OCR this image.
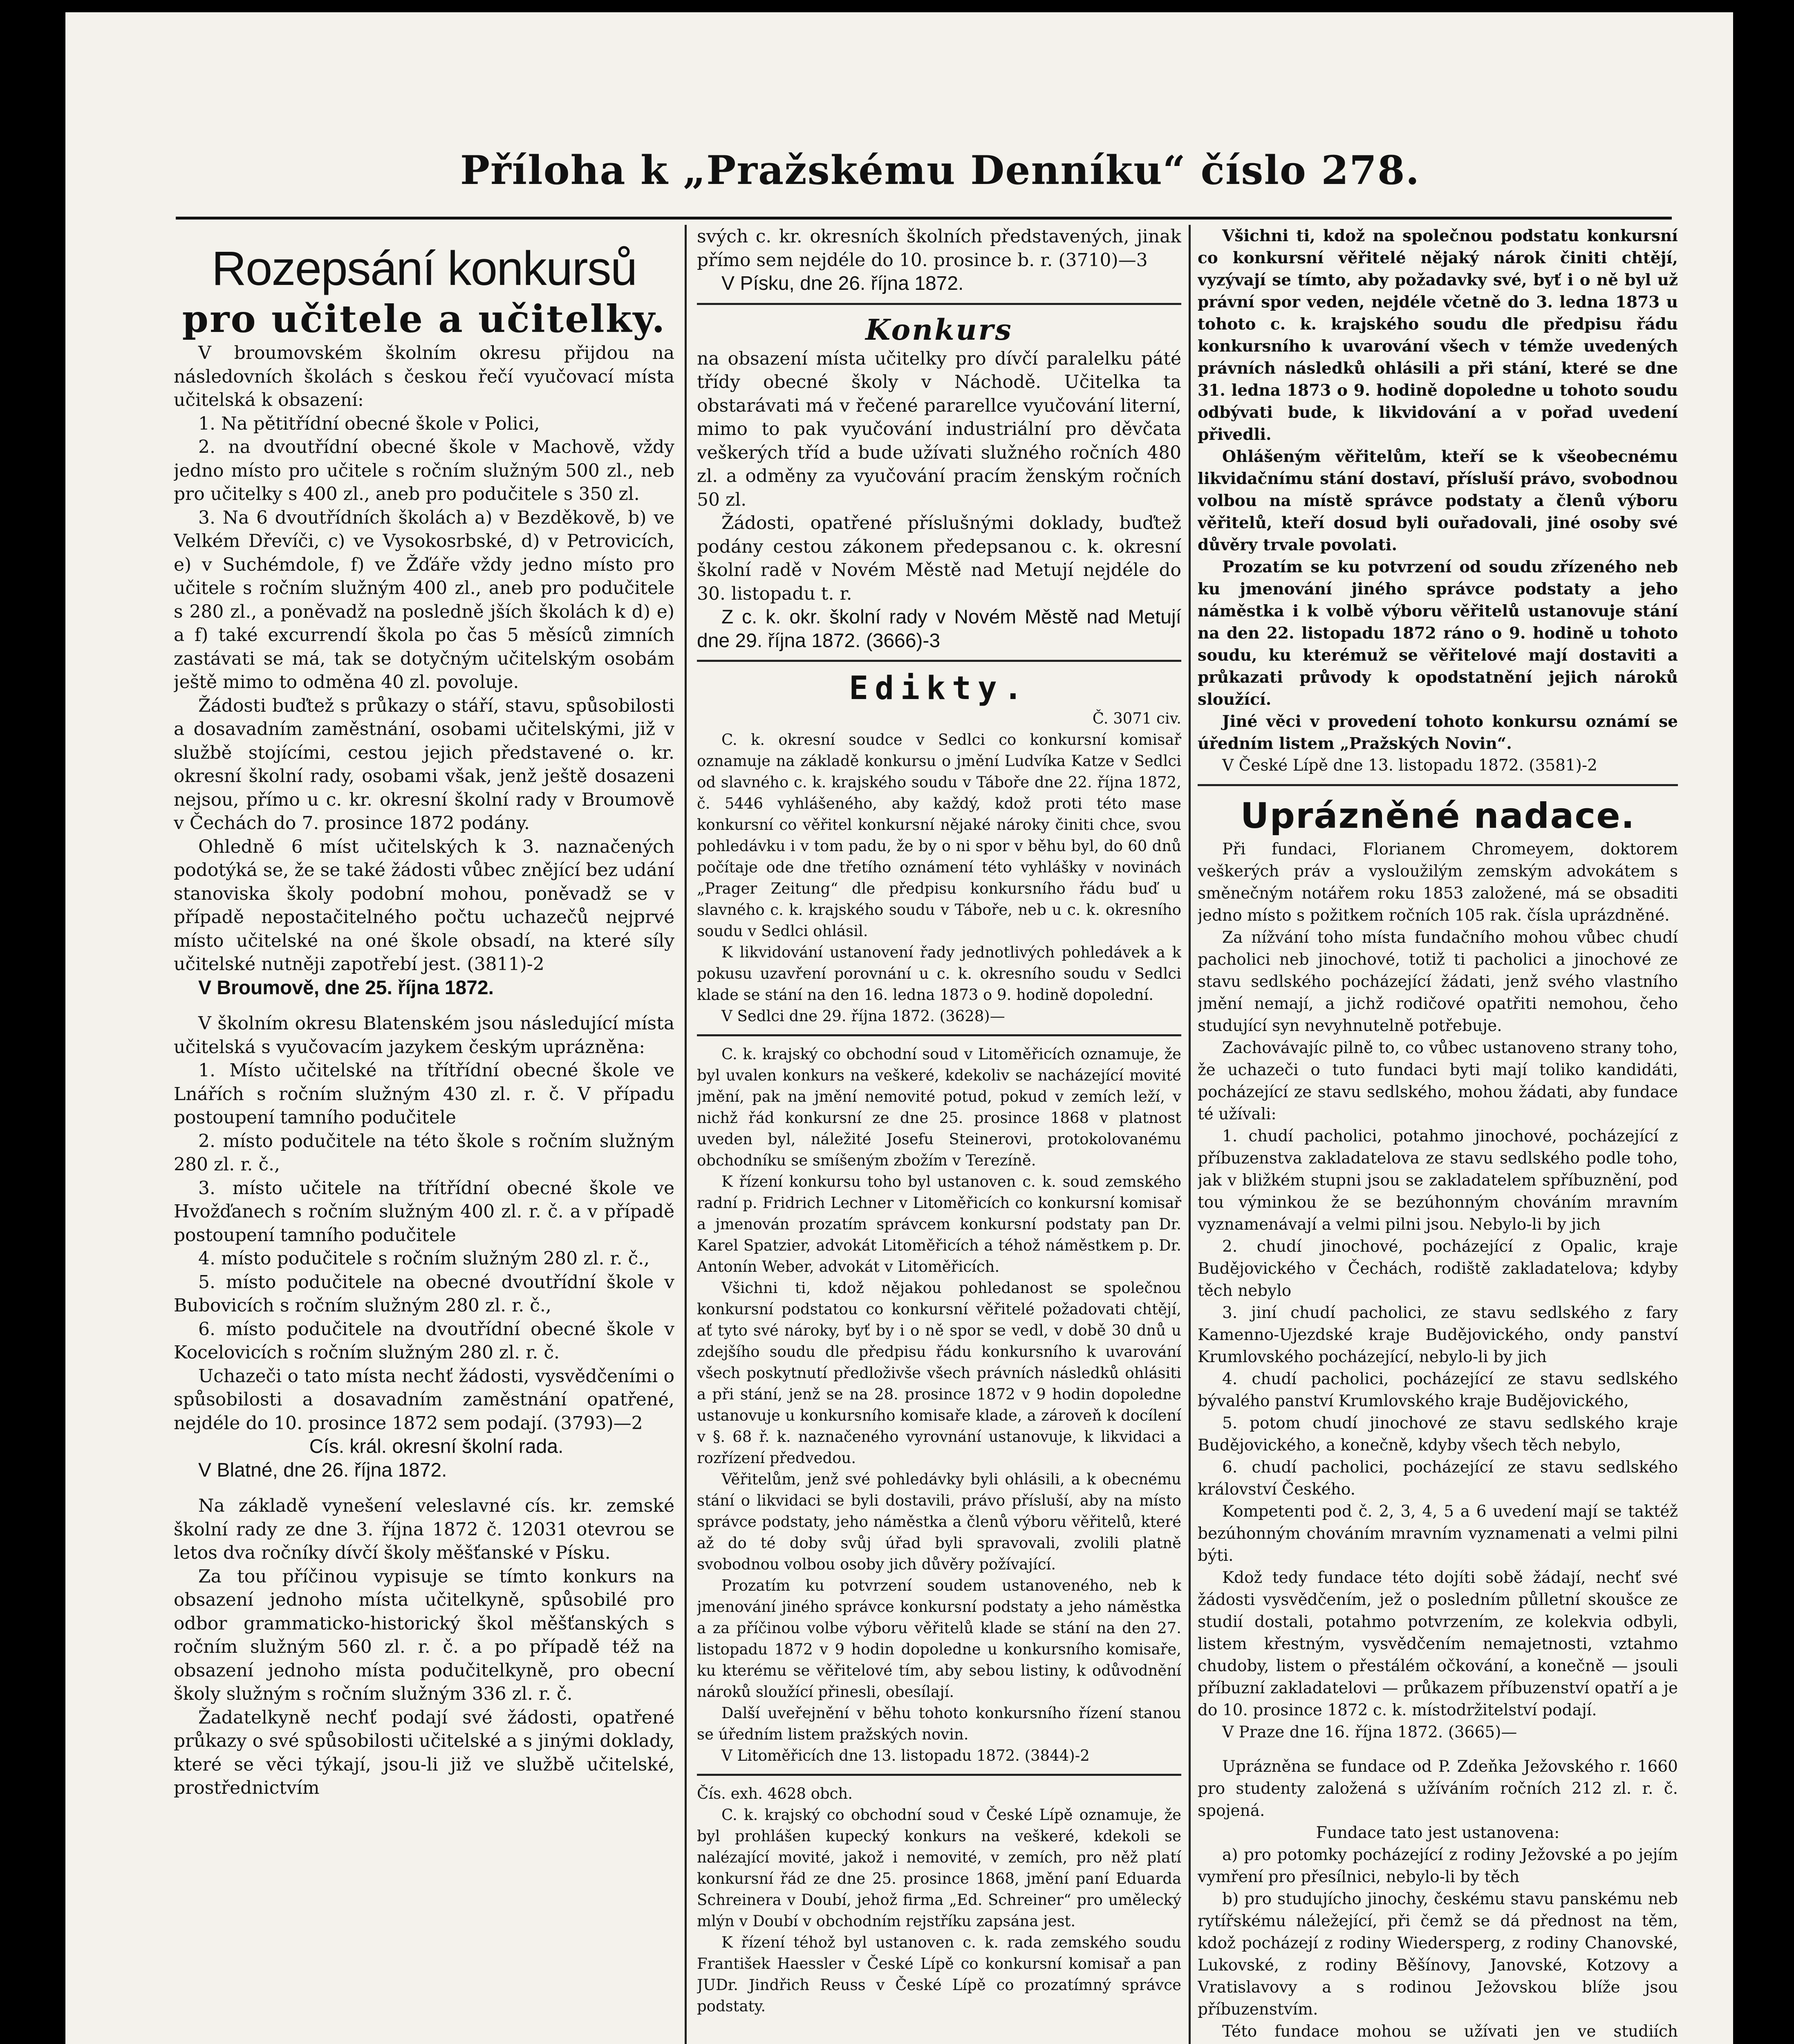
Příloha k „Pražskému Denníku“ číslo 278.

Rozepsání konkursů

pro učitele a učitelky.

V broumovském školním okresu přijdou na následovních školách s českou řečí vyučovací místa učitelská k obsazení:

1. Na pětitřídní obecné škole v Polici,

2. na dvoutřídní obecné škole v Machově, vždy jedno místo pro učitele s ročním služným 500 zl., neb pro učitelky s 400 zl., aneb pro podučitele s 350 zl.

3. Na 6 dvoutřídních školách a) v Bezděkově, b) ve Velkém Dřevíči, c) ve Vysokosrbské, d) v Petrovicích, e) v Suchémdole, f) ve Žďáře vždy jedno místo pro učitele s ročním služným 400 zl., aneb pro podučitele s 280 zl., a poněvadž na posledně jších školách k d) e) a f) také excurrendí škola po čas 5 měsíců zimních zastávati se má, tak se dotyčným učitelským osobám ještě mimo to odměna 40 zl. povoluje.

Žádosti buďtež s průkazy o stáří, stavu, spůsobilosti a dosavadním zaměstnání, osobami učitelskými, již v službě stojícími, cestou jejich představené o. kr. okresní školní rady, osobami však, jenž ještě dosazeni nejsou, přímo u c. kr. okresní školní rady v Broumově v Čechách do 7. prosince 1872 podány.

Ohledně 6 míst učitelských k 3. naznačených podotýká se, že se také žádosti vůbec znějící bez udání stanoviska školy podobní mohou, poněvadž se v případě nepostačitelného počtu uchazečů nejprvé místo učitelské na oné škole obsadí, na které síly učitelské nutněji zapotřebí jest. (3811)-2

V Broumově, dne 25. října 1872.

V školním okresu Blatenském jsou následující místa učitelská s vyučovacím jazykem českým uprázněna:

1. Místo učitelské na třítřídní obecné škole ve Lnářích s ročním služným 430 zl. r. č. V případu postoupení tamního podučitele

2. místo podučitele na této škole s ročním služným 280 zl. r. č.,

3. místo učitele na třítřídní obecné škole ve Hvožďanech s ročním služným 400 zl. r. č. a v případě postoupení tamního podučitele

4. místo podučitele s ročním služným 280 zl. r. č.,

5. místo podučitele na obecné dvoutřídní škole v Bubovicích s ročním služným 280 zl. r. č.,

6. místo podučitele na dvoutřídní obecné škole v Kocelovicích s ročním služným 280 zl. r. č.

Uchazeči o tato místa nechť žádosti, vysvědčeními o spůsobilosti a dosavadním zaměstnání opatřené, nejdéle do 10. prosince 1872 sem podají. (3793)—2

Cís. král. okresní školní rada.

V Blatné, dne 26. října 1872.

Na základě vynešení veleslavné cís. kr. zemské školní rady ze dne 3. října 1872 č. 12031 otevrou se letos dva ročníky dívčí školy měšťanské v Písku.

Za tou příčinou vypisuje se tímto konkurs na obsazení jednoho místa učitelkyně, spůsobilé pro odbor grammaticko-historický škol měšťanských s ročním služným 560 zl. r. č. a po případě též na obsazení jednoho místa podučitelkyně, pro obecní školy služným s ročním služným 336 zl. r. č.

Žadatelkyně nechť podají své žádosti, opatřené průkazy o své spůsobilosti učitelské a s jinými doklady, které se věci týkají, jsou-li již ve službě učitelské, prostřednictvím

svých c. kr. okresních školních představených, jinak přímo sem nejdéle do 10. prosince b. r. (3710)—3

V Písku, dne 26. října 1872.

Konkurs

na obsazení místa učitelky pro dívčí paralelku páté třídy obecné školy v Náchodě. Učitelka ta obstarávati má v řečené pararellce vyučování literní, mimo to pak vyučování industriální pro děvčata veškerých tříd a bude užívati služného ročních 480 zl. a odměny za vyučování pracím ženským ročních 50 zl.

Žádosti, opatřené příslušnými doklady, buďtež podány cestou zákonem předepsanou c. k. okresní školní radě v Novém Městě nad Metují nejdéle do 30. listopadu t. r.

Z c. k. okr. školní rady v Novém Městě nad Metují dne 29. října 1872. (3666)-3

Edikty.

Č. 3071 civ.

C. k. okresní soudce v Sedlci co konkursní komisař oznamuje na základě konkursu o jmění Ludvíka Katze v Sedlci od slavného c. k. krajského soudu v Táboře dne 22. října 1872, č. 5446 vyhlášeného, aby každý, kdož proti této mase konkursní co věřitel konkursní nějaké nároky činiti chce, svou pohledávku i v tom padu, že by o ni spor v běhu byl, do 60 dnů počítaje ode dne třetího oznámení této vyhlášky v novinách „Prager Zeitung“ dle předpisu konkursního řádu buď u slavného c. k. krajského soudu v Táboře, neb u c. k. okresního soudu v Sedlci ohlásil.

K likvidování ustanovení řady jednotlivých pohledávek a k pokusu uzavření porovnání u c. k. okresního soudu v Sedlci klade se stání na den 16. ledna 1873 o 9. hodině dopolední.

V Sedlci dne 29. října 1872. (3628)—

C. k. krajský co obchodní soud v Litoměřicích oznamuje, že byl uvalen konkurs na veškeré, kdekoliv se nacházející movité jmění, pak na jmění nemovité potud, pokud v zemích leží, v nichž řád konkursní ze dne 25. prosince 1868 v platnost uveden byl, náležité Josefu Steinerovi, protokolovanému obchodníku se smíšeným zbožím v Terezíně.

K řízení konkursu toho byl ustanoven c. k. soud zemského radní p. Fridrich Lechner v Litoměřicích co konkursní komisař a jmenován prozatím správcem konkursní podstaty pan Dr. Karel Spatzier, advokát Litoměřicích a téhož náměstkem p. Dr. Antonín Weber, advokát v Litoměřicích.

Všichni ti, kdož nějakou pohledanost se společnou konkursní podstatou co konkursní věřitelé požadovati chtějí, ať tyto své nároky, byť by i o ně spor se vedl, v době 30 dnů u zdejšího soudu dle předpisu řádu konkursního k uvarování všech poskytnutí předloživše všech právních následků ohlásiti a při stání, jenž se na 28. prosince 1872 v 9 hodin dopoledne ustanovuje u konkursního komisaře klade, a zároveň k docílení v §. 68 ř. k. naznačeného vyrovnání ustanovuje, k likvidaci a rozřízení předvedou.

Věřitelům, jenž své pohledávky byli ohlásili, a k obecnému stání o likvidaci se byli dostavili, právo přísluší, aby na místo správce podstaty, jeho náměstka a členů výboru věřitelů, které až do té doby svůj úřad byli spravovali, zvolili platně svobodnou volbou osoby jich důvěry požívající.

Prozatím ku potvrzení soudem ustanoveného, neb k jmenování jiného správce konkursní podstaty a jeho náměstka a za příčinou volbe výboru věřitelů klade se stání na den 27. listopadu 1872 v 9 hodin dopoledne u konkursního komisaře, ku kterému se věřitelové tím, aby sebou listiny, k odůvodnění nároků sloužící přinesli, obesílají.

Další uveřejnění v běhu tohoto konkursního řízení stanou se úředním listem pražských novin.

V Litoměřicích dne 13. listopadu 1872. (3844)-2

Čís. exh. 4628 obch.

C. k. krajský co obchodní soud v České Lípě oznamuje, že byl prohlášen kupecký konkurs na veškeré, kdekoli se nalézající movité, jakož i nemovité, v zemích, pro něž platí konkursní řád ze dne 25. prosince 1868, jmění paní Eduarda Schreinera v Doubí, jehož firma „Ed. Schreiner“ pro umělecký mlýn v Doubí v obchodním rejstříku zapsána jest.

K řízení téhož byl ustanoven c. k. rada zemského soudu František Haessler v České Lípě co konkursní komisař a pan JUDr. Jindřich Reuss v České Lípě co prozatímný správce podstaty.

Všichni ti, kdož na společnou podstatu konkursní co konkursní věřitelé nějaký nárok činiti chtějí, vyzývají se tímto, aby požadavky své, byť i o ně byl už právní spor veden, nejdéle včetně do 3. ledna 1873 u tohoto c. k. krajského soudu dle předpisu řádu konkursního k uvarování všech v témže uvedených právních následků ohlásili a při stání, které se dne 31. ledna 1873 o 9. hodině dopoledne u tohoto soudu odbývati bude, k likvidování a v pořad uvedení přivedli.

Ohlášeným věřitelům, kteří se k všeobecnému likvidačnímu stání dostaví, přísluší právo, svobodnou volbou na místě správce podstaty a členů výboru věřitelů, kteří dosud byli ouřadovali, jiné osoby své důvěry trvale povolati.

Prozatím se ku potvrzení od soudu zřízeného neb ku jmenování jiného správce podstaty a jeho náměstka i k volbě výboru věřitelů ustanovuje stání na den 22. listopadu 1872 ráno o 9. hodině u tohoto soudu, ku kterémuž se věřitelové mají dostaviti a průkazati průvody k opodstatnění jejich nároků sloužící.

Jiné věci v provedení tohoto konkursu oznámí se úředním listem „Pražských Novin“.

V České Lípě dne 13. listopadu 1872. (3581)-2

Uprázněné nadace.

Při fundaci, Florianem Chromeyem, doktorem veškerých práv a vysloužilým zemským advokátem s směnečným notářem roku 1853 založené, má se obsaditi jedno místo s požitkem ročních 105 rak. čísla uprázdněné.

Za nížvání toho místa fundačního mohou vůbec chudí pacholici neb jinochové, totiž ti pacholici a jinochové ze stavu sedlského pocházející žádati, jenž svého vlastního jmění nemají, a jichž rodičové opatřiti nemohou, čeho studující syn nevyhnutelně potřebuje.

Zachovávajíc pilně to, co vůbec ustanoveno strany toho, že uchazeči o tuto fundaci byti mají toliko kandidáti, pocházející ze stavu sedlského, mohou žádati, aby fundace té užívali:

1. chudí pacholici, potahmo jinochové, pocházející z příbuzenstva zakladatelova ze stavu sedlského podle toho, jak v bližkém stupni jsou se zakladatelem spříbuznění, pod tou výminkou že se bezúhonným chováním mravním vyznamenávají a velmi pilni jsou. Nebylo-li by jich

2. chudí jinochové, pocházející z Opalic, kraje Budějovického v Čechách, rodiště zakladatelova; kdyby těch nebylo

3. jiní chudí pacholici, ze stavu sedlského z fary Kamenno-Ujezdské kraje Budějovického, ondy panství Krumlovského pocházející, nebylo-li by jich

4. chudí pacholici, pocházející ze stavu sedlského bývalého panství Krumlovského kraje Budějovického,

5. potom chudí jinochové ze stavu sedlského kraje Budějovického, a konečně, kdyby všech těch nebylo,

6. chudí pacholici, pocházející ze stavu sedlského království Českého.

Kompetenti pod č. 2, 3, 4, 5 a 6 uvedení mají se taktéž bezúhonným chováním mravním vyznamenati a velmi pilni býti.

Kdož tedy fundace této dojíti sobě žádají, nechť své žádosti vysvědčením, jež o posledním půlletní skoušce ze studií dostali, potahmo potvrzením, ze kolekvia odbyli, listem křestným, vysvědčením nemajetnosti, vztahmo chudoby, listem o přestálém očkování, a konečně — jsouli příbuzní zakladatelovi — průkazem příbuzenství opatří a je do 10. prosince 1872 c. k. místodržitelství podají.

V Praze dne 16. října 1872. (3665)—

Uprázněna se fundace od P. Zdeňka Ježovského r. 1660 pro studenty založená s užíváním ročních 212 zl. r. č. spojená.

Fundace tato jest ustanovena:

a) pro potomky pocházející z rodiny Ježovské a po jejím vymření pro přesílnici, nebylo-li by těch

b) pro studujícho jinochy, českému stavu panskému neb rytířskému náležející, při čemž se dá přednost na těm, kdož pocházejí z rodiny Wiedersperg, z rodiny Chanovské, Lukovské, z rodiny Běšínovy, Janovské, Kotzovy a Vratislavovy a s rodinou Ježovskou blíže jsou příbuzenstvím.

Této fundace mohou se užívati jen ve studiích
